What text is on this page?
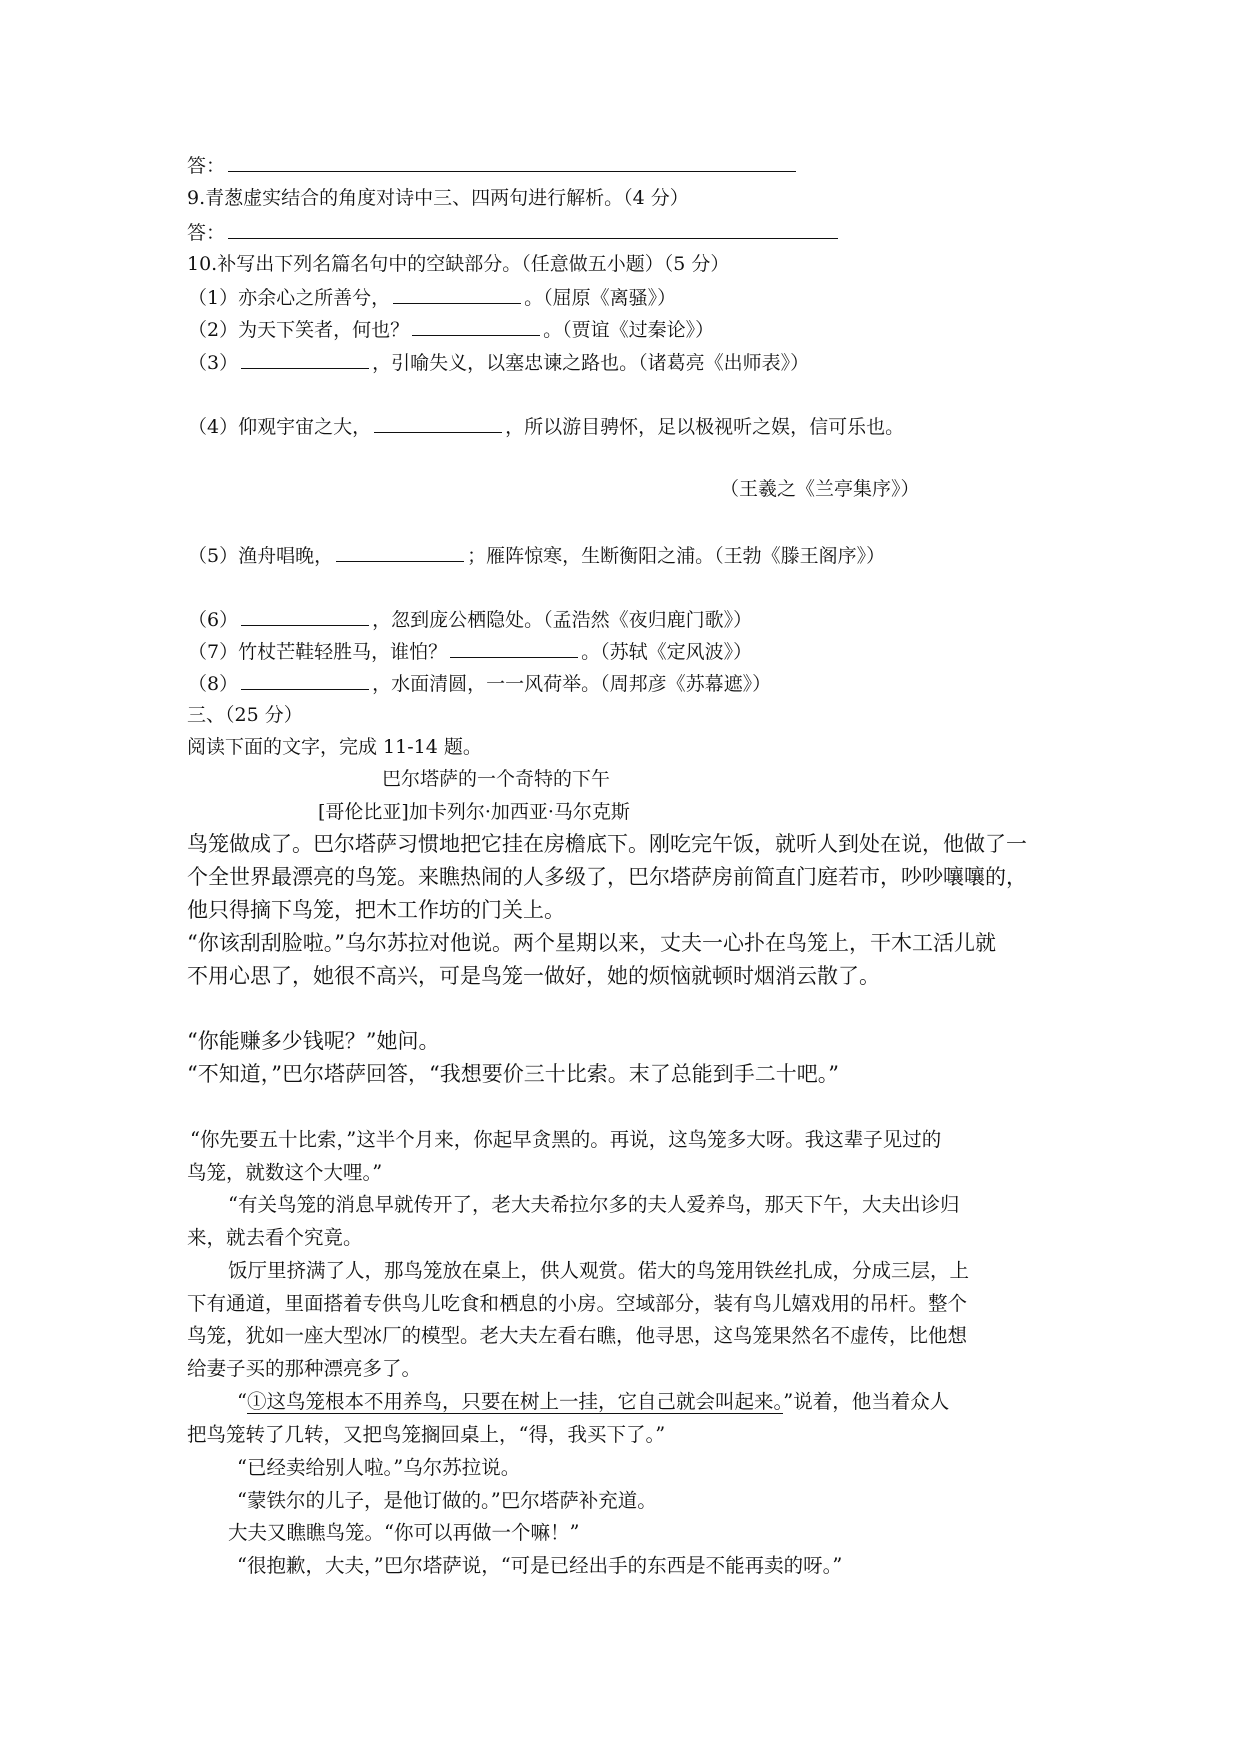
答：
9.青葱虚实结合的角度对诗中三、四两句进行解析。（4 分）
答：
10.补写出下列名篇名句中的空缺部分。（任意做五小题）（5 分）
（1）亦余心之所善兮，	。（屈原《离骚》）
（2）为天下笑者，何也？	。（贾谊《过秦论》）
（3）	，引喻失义，以塞忠谏之路也。（诸葛亮《出师表》）
（4）仰观宇宙之大，	，所以游目骋怀，足以极视听之娱，信可乐也。
（王羲之《兰亭集序》）
（5）渔舟唱晚，	；雁阵惊寒，生断衡阳之浦。（王勃《滕王阁序》）
（6）	，忽到庞公栖隐处。（孟浩然《夜归鹿门歌》）
（7）竹杖芒鞋轻胜马，谁怕？	。（苏轼《定风波》）
（8）	，水面清圆，一一风荷举。（周邦彦《苏幕遮》）
三、（25 分）
阅读下面的文字，完成 11-14 题。
巴尔塔萨的一个奇特的下午
[哥伦比亚]加卡列尔·加西亚·马尔克斯
鸟笼做成了。巴尔塔萨习惯地把它挂在房檐底下。刚吃完午饭，就听人到处在说，他做了一
个全世界最漂亮的鸟笼。来瞧热闹的人多级了，巴尔塔萨房前简直门庭若市，吵吵嚷嚷的，
他只得摘下鸟笼，把木工作坊的门关上。
“你该刮刮脸啦。”乌尔苏拉对他说。两个星期以来，丈夫一心扑在鸟笼上，干木工活儿就
不用心思了，她很不高兴，可是鸟笼一做好，她的烦恼就顿时烟消云散了。
“你能赚多少钱呢？”她问。
“不知道，”巴尔塔萨回答，“我想要价三十比索。末了总能到手二十吧。”
“你先要五十比索，”这半个月来，你起早贪黑的。再说，这鸟笼多大呀。我这辈子见过的
鸟笼，就数这个大哩。”
“有关鸟笼的消息早就传开了，老大夫希拉尔多的夫人爱养鸟，那天下午，大夫出诊归
来，就去看个究竟。
饭厅里挤满了人，那鸟笼放在桌上，供人观赏。偌大的鸟笼用铁丝扎成，分成三层，上
下有通道，里面搭着专供鸟儿吃食和栖息的小房。空域部分，装有鸟儿嬉戏用的吊杆。整个
鸟笼，犹如一座大型冰厂的模型。老大夫左看右瞧，他寻思，这鸟笼果然名不虚传，比他想
给妻子买的那种漂亮多了。
“①这鸟笼根本不用养鸟，只要在树上一挂，它自己就会叫起来。”说着，他当着众人
把鸟笼转了几转，又把鸟笼搁回桌上，“得，我买下了。”
“已经卖给别人啦。”乌尔苏拉说。
“蒙铁尔的儿子，是他订做的。”巴尔塔萨补充道。
大夫又瞧瞧鸟笼。“你可以再做一个嘛！”
“很抱歉，大夫，”巴尔塔萨说，“可是已经出手的东西是不能再卖的呀。”
